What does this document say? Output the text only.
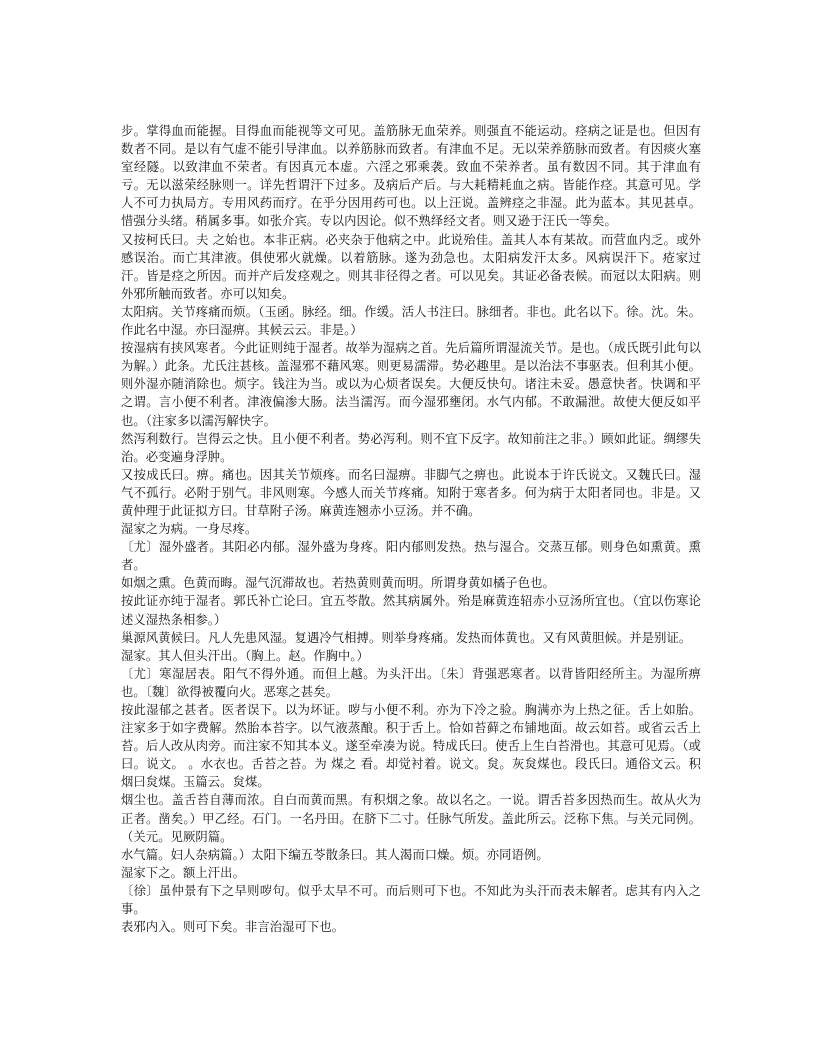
步。掌得血而能握。目得血而能视等文可见。盖筋脉无血荣养。则强直不能运动。痉病之证是也。但因有数者不同。是以有气虚不能引导津血。以养筋脉而致者。有津血不足。无以荣养筋脉而致者。有因痰火塞室经隧。以致津血不荣者。有因真元本虚。六淫之邪乘袭。致血不荣养者。虽有数因不同。其于津血有亏。无以滋荣经脉则一。详先哲谓汗下过多。及病后产后。与大耗精耗血之病。皆能作痉。其意可见。学人不可力执局方。专用风药而疗。在乎分因用药可也。以上汪说。盖辨痉之非湿。此为蓝本。其见甚卓。惜强分头绪。稍属多事。如张介宾。专以内因论。似不熟绎经文者。则又逊于汪氏一等矣。

又按柯氏曰。夫 之始也。本非正病。必夹杂于他病之中。此说殆佳。盖其人本有某故。而营血内乏。或外感误治。而亡其津液。俱使邪火就燥。以着筋脉。遂为劲急也。太阳病发汗太多。风病误汗下。疮家过汗。皆是痉之所因。而并产后发痉观之。则其非径得之者。可以见矣。其证必备表候。而冠以太阳病。则外邪所触而致者。亦可以知矣。

太阳病。关节疼痛而烦。（玉函。脉经。细。作缓。活人书注曰。脉细者。非也。此名以下。徐。沈。朱。作此名中湿。亦曰湿痹。其候云云。非是。）

按湿病有挟风寒者。今此证则纯于湿者。故举为湿病之首。先后篇所谓湿流关节。是也。（成氏既引此句以为解。）此条。尤氏注甚核。盖湿邪不藉风寒。则更易濡滞。势必趣里。是以治法不事驱表。但利其小便。则外湿亦随消除也。烦字。钱注为当。或以为心烦者误矣。大便反快句。诸注未妥。愚意快者。快调和平之谓。言小便不利者。津液偏渗大肠。法当濡泻。而今湿邪壅闭。水气内郁。不敢漏泄。故使大便反如平也。（注家多以濡泻解快字。

然泻利数行。岂得云之快。且小便不利者。势必泻利。则不宜下反字。故知前注之非。）顾如此证。绸缪失治。必变遍身浮肿。

又按成氏曰。痹。痛也。因其关节烦疼。而名曰湿痹。非脚气之痹也。此说本于许氏说文。又魏氏曰。湿气不孤行。必附于别气。非风则寒。今感人而关节疼痛。知附于寒者多。何为病于太阳者同也。非是。又黄仲理于此证拟方曰。甘草附子汤。麻黄连翘赤小豆汤。并不确。

湿家之为病。一身尽疼。

〔尤〕湿外盛者。其阳必内郁。湿外盛为身疼。阳内郁则发热。热与湿合。交蒸互郁。则身色如熏黄。熏者。

如烟之熏。色黄而晦。湿气沉滞故也。若热黄则黄而明。所谓身黄如橘子色也。

按此证亦纯于湿者。郭氏补亡论曰。宜五苓散。然其病属外。殆是麻黄连轺赤小豆汤所宜也。（宜以伤寒论述义湿热条相参。）

巢源风黄候曰。凡人先患风湿。复遇冷气相搏。则举身疼痛。发热而体黄也。又有风黄胆候。并是别证。

湿家。其人但头汗出。（胸上。赵。作胸中。）

〔尤〕寒湿居表。阳气不得外通。而但上越。为头汗出。〔朱〕背强恶寒者。以背皆阳经所主。为湿所痹也。〔魏〕欲得被覆向火。恶寒之甚矣。

按此湿郁之甚者。医者误下。以为坏证。哕与小便不利。亦为下冷之验。胸满亦为上热之征。舌上如胎。注家多于如字费解。然胎本苔字。以气液蒸酿。积于舌上。恰如苔藓之布铺地面。故云如苔。或省云舌上苔。后人改从肉旁。而注家不知其本义。遂至牵凑为说。特成氏曰。使舌上生白苔滑也。其意可见焉。（或曰。说文。 。水衣也。舌苔之苔。为 煤之 看。却觉衬着。说文。炱。灰炱煤也。段氏曰。通俗文云。积烟曰炱煤。玉篇云。炱煤。

烟尘也。盖舌苔自薄而浓。自白而黄而黑。有积烟之象。故以名之。一说。谓舌苔多因热而生。故从火为正者。凿矣。）甲乙经。石门。一名丹田。在脐下二寸。任脉气所发。盖此所云。泛称下焦。与关元同例。（关元。见厥阴篇。

水气篇。妇人杂病篇。）太阳下编五苓散条曰。其人渴而口燥。烦。亦同语例。

湿家下之。额上汗出。

〔徐〕虽仲景有下之早则哕句。似乎太早不可。而后则可下也。不知此为头汗而表未解者。虑其有内入之事。

表邪内入。则可下矣。非言治湿可下也。
